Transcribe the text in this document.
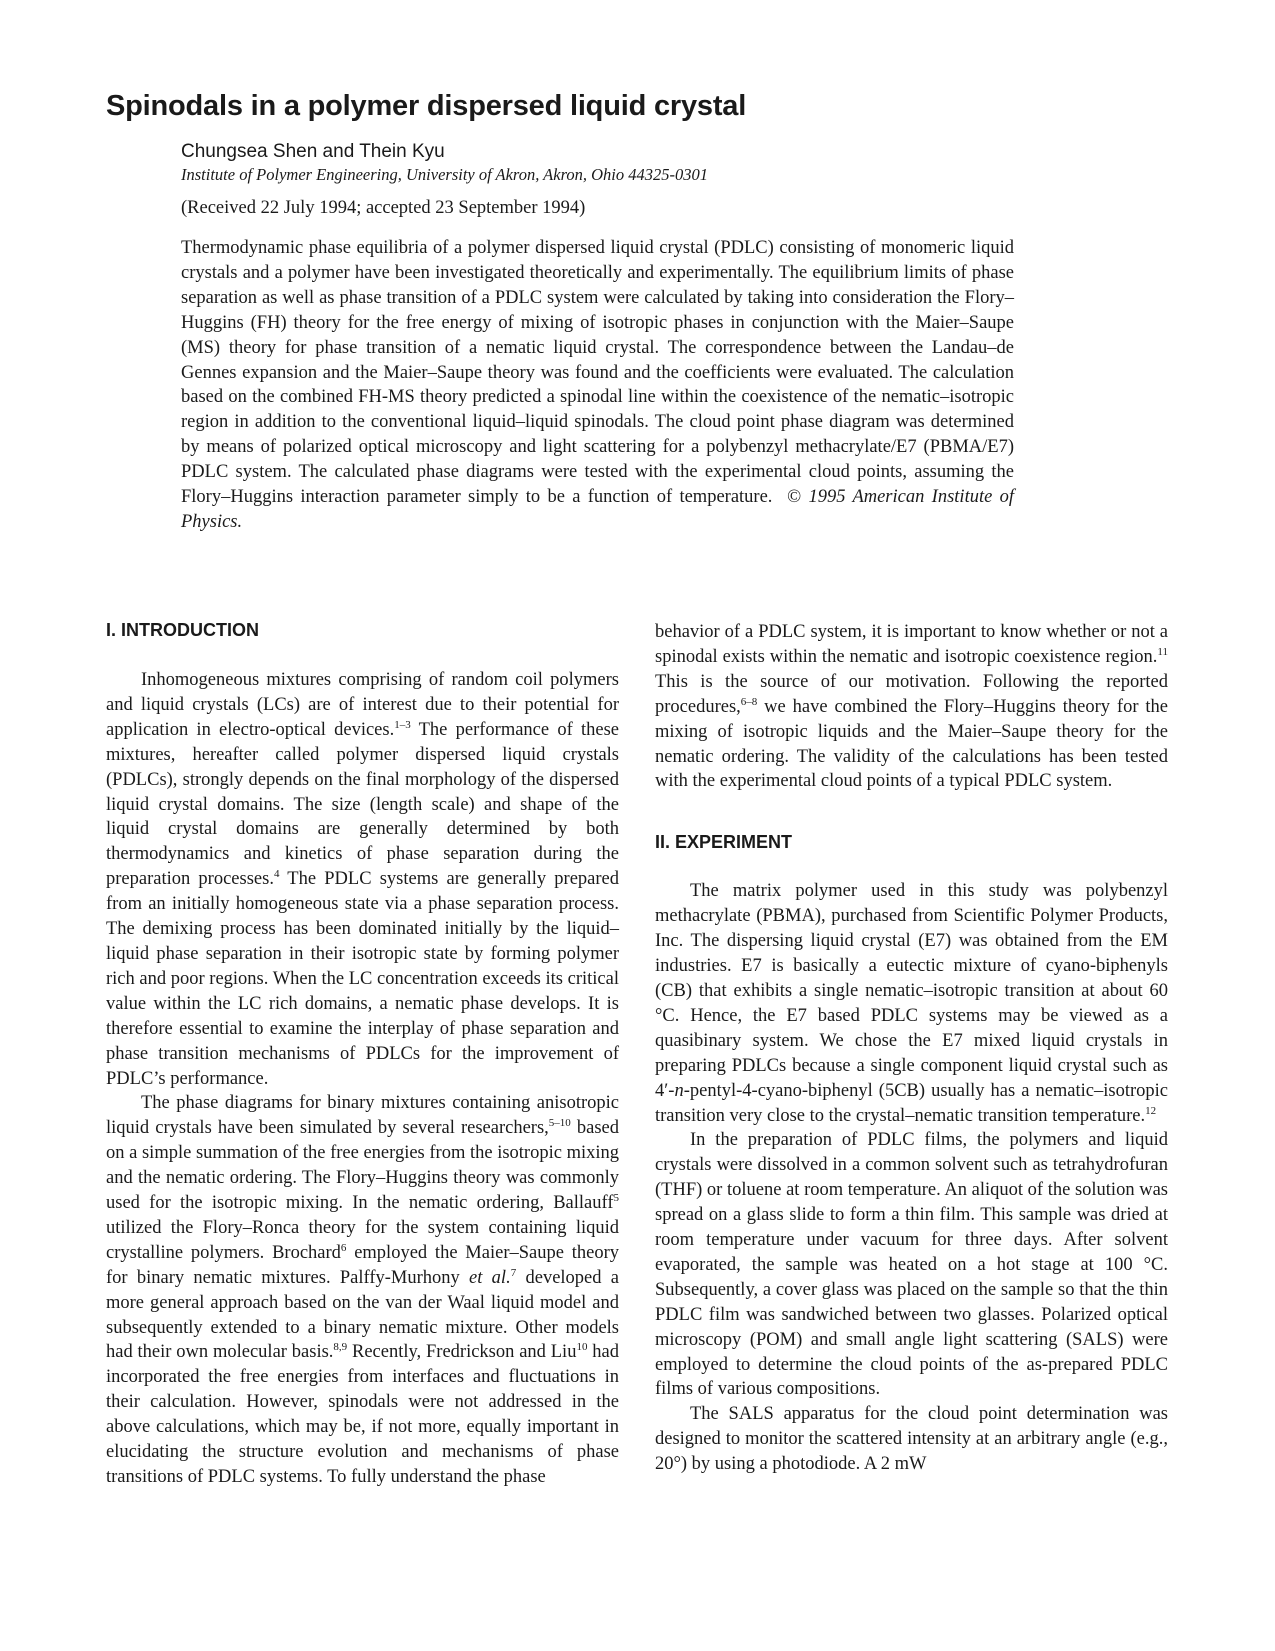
Spinodals in a polymer dispersed liquid crystal
Chungsea Shen and Thein Kyu
Institute of Polymer Engineering, University of Akron, Akron, Ohio 44325-0301
(Received 22 July 1994; accepted 23 September 1994)

Thermodynamic phase equilibria of a polymer dispersed liquid crystal (PDLC) consisting of monomeric liquid crystals and a polymer have been investigated theoretically and experimentally. The equilibrium limits of phase separation as well as phase transition of a PDLC system were calculated by taking into consideration the Flory–Huggins (FH) theory for the free energy of mixing of isotropic phases in conjunction with the Maier–Saupe (MS) theory for phase transition of a nematic liquid crystal. The correspondence between the Landau–de Gennes expansion and the Maier–Saupe theory was found and the coefficients were evaluated. The calculation based on the combined FH-MS theory predicted a spinodal line within the coexistence of the nematic–isotropic region in addition to the conventional liquid–liquid spinodals. The cloud point phase diagram was determined by means of polarized optical microscopy and light scattering for a polybenzyl methacrylate/E7 (PBMA/E7) PDLC system. The calculated phase diagrams were tested with the experimental cloud points, assuming the Flory–Huggins interaction parameter simply to be a function of temperature. © 1995 American Institute of Physics.

I. INTRODUCTION

Inhomogeneous mixtures comprising of random coil polymers and liquid crystals (LCs) are of interest due to their potential for application in electro-optical devices.$^{1-3}$ The performance of these mixtures, hereafter called polymer dispersed liquid crystals (PDLCs), strongly depends on the final morphology of the dispersed liquid crystal domains. The size (length scale) and shape of the liquid crystal domains are generally determined by both thermodynamics and kinetics of phase separation during the preparation processes.$^4$ The PDLC systems are generally prepared from an initially homogeneous state via a phase separation process. The demixing process has been dominated initially by the liquid–liquid phase separation in their isotropic state by forming polymer rich and poor regions. When the LC concentration exceeds its critical value within the LC rich domains, a nematic phase develops. It is therefore essential to examine the interplay of phase separation and phase transition mechanisms of PDLCs for the improvement of PDLC’s performance.

The phase diagrams for binary mixtures containing anisotropic liquid crystals have been simulated by several researchers,$^{5-10}$ based on a simple summation of the free energies from the isotropic mixing and the nematic ordering. The Flory–Huggins theory was commonly used for the isotropic mixing. In the nematic ordering, Ballauff$^5$ utilized the Flory–Ronca theory for the system containing liquid crystalline polymers. Brochard$^6$ employed the Maier–Saupe theory for binary nematic mixtures. Palffy-Murhony et al.$^7$ developed a more general approach based on the van der Waal liquid model and subsequently extended to a binary nematic mixture. Other models had their own molecular basis.$^{8,9}$ Recently, Fredrickson and Liu$^{10}$ had incorporated the free energies from interfaces and fluctuations in their calculation. However, spinodals were not addressed in the above calculations, which may be, if not more, equally important in elucidating the structure evolution and mechanisms of phase transitions of PDLC systems. To fully understand the phase

behavior of a PDLC system, it is important to know whether or not a spinodal exists within the nematic and isotropic coexistence region.$^{11}$ This is the source of our motivation. Following the reported procedures,$^{6-8}$ we have combined the Flory–Huggins theory for the mixing of isotropic liquids and the Maier–Saupe theory for the nematic ordering. The validity of the calculations has been tested with the experimental cloud points of a typical PDLC system.

II. EXPERIMENT

The matrix polymer used in this study was polybenzyl methacrylate (PBMA), purchased from Scientific Polymer Products, Inc. The dispersing liquid crystal (E7) was obtained from the EM industries. E7 is basically a eutectic mixture of cyano-biphenyls (CB) that exhibits a single nematic–isotropic transition at about 60 °C. Hence, the E7 based PDLC systems may be viewed as a quasibinary system. We chose the E7 mixed liquid crystals in preparing PDLCs because a single component liquid crystal such as 4′-n-pentyl-4-cyano-biphenyl (5CB) usually has a nematic–isotropic transition very close to the crystal–nematic transition temperature.$^{12}$

In the preparation of PDLC films, the polymers and liquid crystals were dissolved in a common solvent such as tetrahydrofuran (THF) or toluene at room temperature. An aliquot of the solution was spread on a glass slide to form a thin film. This sample was dried at room temperature under vacuum for three days. After solvent evaporated, the sample was heated on a hot stage at 100 °C. Subsequently, a cover glass was placed on the sample so that the thin PDLC film was sandwiched between two glasses. Polarized optical microscopy (POM) and small angle light scattering (SALS) were employed to determine the cloud points of the as-prepared PDLC films of various compositions.

The SALS apparatus for the cloud point determination was designed to monitor the scattered intensity at an arbitrary angle (e.g., 20°) by using a photodiode. A 2 mW
